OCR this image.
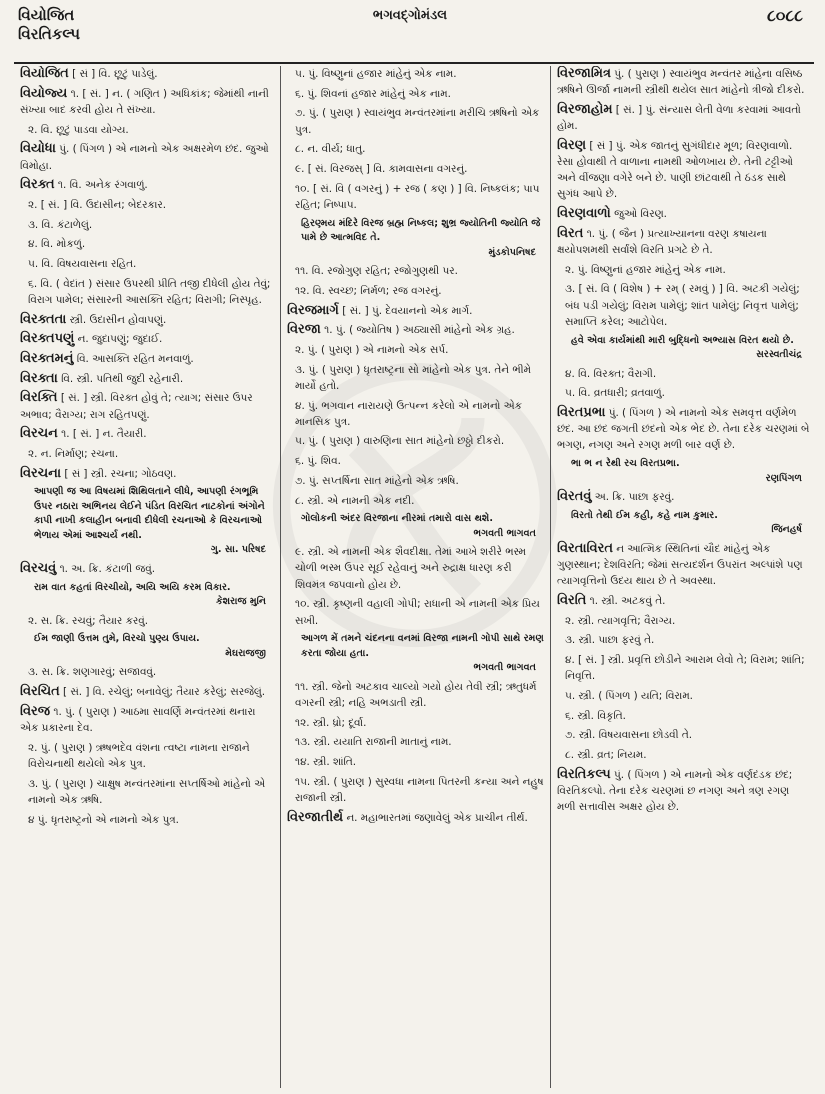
વિયોજિત
વિરતિકલ્પ
ભગવદ્ગોમંડલ	૮૦૮૮
વિયોજિત [ સં ] વિ. છૂટું પાડેલું.
વિયોજ્ય ૧. [ સં. ] ન. ( ગણિત ) અધિકાંક; જેમાંથી નાની સંખ્યા બાદ કરવી હોય તે સંખ્યા.
૨. વિ. છૂટું પાડવા યોગ્ય.
વિયોધા પું. ( પિંગળ ) એ નામનો એક અક્ષરમેળ છંદ. જુઓ વિમોહા.
વિરક્ત ૧. વિ. અનેક રંગવાળું.
૨. [ સં. ] વિ. ઉદાસીન; બેદરકાર.
૩. વિ. કંટાળેલું.
૪. વિ. મોકળું.
૫. વિ. વિષયવાસના રહિત.
૬. વિ. ( વેદાંત ) સંસાર ઉપરથી પ્રીતિ તજી દીધેલી હોય તેવું; વિરાગ પામેલ; સંસારની આસક્તિ રહિત; વિરાગી; નિસ્પૃહ.
વિરક્તતા સ્ત્રી. ઉદાસીન હોવાપણું.
વિરક્તપણું ન. જુદાપણું; જુદાઈ.
વિરક્તમનું વિ. આસક્તિ રહિત મનવાળું.
વિરક્તા વિ. સ્ત્રી. પતિથી જુદી રહેનારી.
વિરક્તિ [ સં. ] સ્ત્રી. વિરક્ત હોવું તે; ત્યાગ; સંસાર ઉપર અભાવ; વૈરાગ્ય; રાગ રહિતપણું.
વિરચન ૧. [ સં. ] ન. તૈયારી.
૨. ન. નિર્માણ; રચના.
વિરચના [ સં ] સ્ત્રી. રચના; ગોઠવણ.
આપણી જ આ વિષયમાં શિથિલતાને લીધે, આપણી રંગભૂમિ ઉપર નઠારા અભિનય લેઈને પંડિત વિરચિત નાટકોનાં અંગોને કાપી નાખી કલાહીન બનાવી દીધેલી રચનાઓ કે વિરચનાઓ ભેળાય એમાં આશ્ચર્ય નથી.
ગુ. સા. પરિષદ
વિરચવું ૧. અ. ક્રિ. કંટાળી જવું.
રામ વાત કહતાં વિરચીયો, અયિ અયિ કરમ વિકાર.
કેશરાજ મુનિ
૨. સ. ક્રિ. રચવું; તૈયાર કરવું.
ઈમ જાણી ઉત્તમ તુમે, વિરચો પુણ્ય ઉપાય.
મેઘરાજજી
૩. સ. ક્રિ. શણગારવું; સજાવવું.
વિરચિત [ સં. ] વિ. રચેલું; બનાવેલું; તૈયાર કરેલું; સરજેલું.
વિરજ ૧. પું. ( પુરાણ ) આઠમા સાવર્ણિ મન્વંતરમાં થનારા એક પ્રકારના દેવ.
૨. પું. ( પુરાણ ) ઋષભદેવ વંશના ત્વષ્ટા નામના રાજાને વિરોચનાથી થયેલો એક પુત્ર.
૩. પું. ( પુરાણ ) ચાક્ષુષ મન્વંતરમાંના સપ્તર્ષિઓ માંહેનો એ નામનો એક ઋષિ.
૪ પું. ધૃતરાષ્ટ્રનો એ નામનો એક પુત્ર.
૫. પું. વિષ્ણુનાં હજાર માંહેનું એક નામ.
૬. પું. શિવનાં હજાર માંહેનું એક નામ.
૭. પું. ( પુરાણ ) સ્વાયંભુવ મન્વંતરમાંના મરીચિ ઋષિનો એક પુત્ર.
૮. ન. વીર્ય; ધાતુ.
૯. [ સં. વિરજસ્ ] વિ. કામવાસના વગરનું.
૧૦. [ સં. વિ ( વગરનું ) + રજ ( કણ ) ] વિ. નિષ્કલંક; પાપ રહિત; નિષ્પાપ.
હિરણ્મય મંદિરે વિરજ બ્રહ્મ નિષ્કલ; શુભ્ર જ્યોતિની જ્યોતિ જે પામે છે આત્મવિદ તે.
મુંડકોપનિષદ
૧૧. વિ. રજોગુણ રહિત; રજોગુણથી પર.
૧૨. વિ. સ્વચ્છ; નિર્મળ; રજ વગરનું.
વિરજમાર્ગ [ સં. ] પું. દેવયાનનો એક માર્ગ.
વિરજા ૧. પું. ( જ્યોતિષ ) અઠ્યાસી માંહેનો એક ગ્રહ.
૨. પું. ( પુરાણ ) એ નામનો એક સર્પ.
૩. પું. ( પુરાણ ) ધૃતરાષ્ટ્રના સો માંહેનો એક પુત્ર. તેને ભીમે માર્યો હતો.
૪. પું. ભગવાન નારાયણે ઉત્પન્ન કરેલો એ નામનો એક માનસિક પુત્ર.
૫. પું. ( પુરાણ ) વારુણિના સાત માંહેનો છઠ્ઠો દીકરો.
૬. પું. શિવ.
૭. પું. સપ્તર્ષિના સાત માંહેનો એક ઋષિ.
૮. સ્ત્રી. એ નામની એક નદી.
ગોલોકની અંદર વિરજાના નીરમાં તમારો વાસ થશે.
ભગવતી ભાગવત
૯. સ્ત્રી. એ નામની એક શૈવદીક્ષા. તેમાં આખે શરીરે ભસ્મ ચોળી ભસ્મ ઉપર સૂઈ રહેવાનું અને રુદ્રાક્ષ ધારણ કરી શિવમંત્ર જપવાનો હોય છે.
૧૦. સ્ત્રી. કૃષ્ણની વહાલી ગોપી; રાધાની એ નામની એક પ્રિય સખી.
આગળ મેં તમને ચંદનના વનમાં વિરજા નામની ગોપી સાથે રમણ કરતા જોયા હતા.
ભગવતી ભાગવત
૧૧. સ્ત્રી. જેનો અટકાવ ચાલ્યો ગયો હોય તેવી સ્ત્રી; ઋતુધર્મ વગરની સ્ત્રી; નહિ અભડાતી સ્ત્રી.
૧૨. સ્ત્રી. ધ્રો; દૂર્વા.
૧૩. સ્ત્રી. યયાતિ રાજાની માતાનું નામ.
૧૪. સ્ત્રી. શાંતિ.
૧૫. સ્ત્રી. ( પુરાણ ) સુસ્વધા નામના પિતરની કન્યા અને નહુષ રાજાની સ્ત્રી.
વિરજાતીર્થ ન. મહાભારતમાં જણાવેલું એક પ્રાચીન તીર્થ.
વિરજામિત્ર પું. ( પુરાણ ) સ્વાયંભુવ મન્વંતર માંહેના વસિષ્ઠ ઋષિને ઊર્જા નામની સ્ત્રીથી થયેલ સાત માંહેનો ત્રીજો દીકરો.
વિરજાહોમ [ સં. ] પું. સંન્યાસ લેતી વેળા કરવામાં આવતો હોમ.
વિરણ [ સં ] પું. એક જાતનું સુગંધીદાર મૂળ; વિરણવાળો. રેસા હોવાથી તે વાળાના નામથી ઓળખાય છે. તેની ટટ્ટીઓ અને વીંજણા વગેરે બને છે. પાણી છાંટવાથી તે ઠંડક સાથે સુગંધ આપે છે.
વિરણવાળો જુઓ વિરણ.
વિરત ૧. પું. ( જૈન ) પ્રત્યાખ્યાનના વરણ કષાયના ક્ષયોપશમથી સર્વાંશે વિરતિ પ્રગટે છે તે.
૨. પું. વિષ્ણુનાં હજાર માંહેનું એક નામ.
૩. [ સં. વિ ( વિશેષ ) + રમ્ ( રમવું ) ] વિ. અટકી ગયેલું; બંધ પડી ગયેલું; વિરામ પામેલું; શાંત પામેલું; નિવૃત્ત પામેલું; સમાપ્તિ કરેલ; આટોપેલ.
હવે એવા કાર્યમાંથી મારી બુદ્ધિનો અભ્યાસ વિરત થયો છે.
સરસ્વતીચંદ્ર
૪. વિ. વિરક્ત; વૈરાગી.
૫. વિ. વ્રતધારી; વ્રતવાળું.
વિરતપ્રભા પું. ( પિંગળ ) એ નામનો એક સમવૃત્ત વર્ણમેળ છંદ. આ છંદ જગતી છંદનો એક ભેદ છે. તેના દરેક ચરણમાં બે ભગણ, નગણ અને રગણ મળી બાર વર્ણ છે.
ભા ભ ન રેથી રચ વિરતપ્રભા.
રણપિંગળ
વિરતવું અ. ક્રિ. પાછા ફરવું.
વિરતો તેથી ઈમ કહી, કહે નામ કુમાર.
જિનહર્ષ
વિરતાવિરત ન આત્મિક સ્થિતિનાં ચૌદ માંહેનું એક ગુણસ્થાન; દેશવિરતિ; જેમાં સત્યદર્શન ઉપરાંત અલ્પાંશે પણ ત્યાગવૃત્તિનો ઉદય થાય છે તે અવસ્થા.
વિરતિ ૧. સ્ત્રી. અટકવું તે.
૨. સ્ત્રી. ત્યાગવૃત્તિ; વૈરાગ્ય.
૩. સ્ત્રી. પાછા ફરવું તે.
૪. [ સં. ] સ્ત્રી. પ્રવૃત્તિ છોડીને આરામ લેવો તે; વિરામ; શાંતિ; નિવૃત્તિ.
૫. સ્ત્રી. ( પિંગળ ) યતિ; વિરામ.
૬. સ્ત્રી. વિકૃતિ.
૭. સ્ત્રી. વિષયવાસના છોડવી તે.
૮. સ્ત્રી. વ્રત; નિયમ.
વિરતિકલ્પ પું. ( પિંગળ ) એ નામનો એક વર્ણદંડક છંદ; વિરતિકલ્પો. તેના દરેક ચરણમાં છ નગણ અને ત્રણ રગણ મળી સત્તાવીસ અક્ષર હોય છે.
